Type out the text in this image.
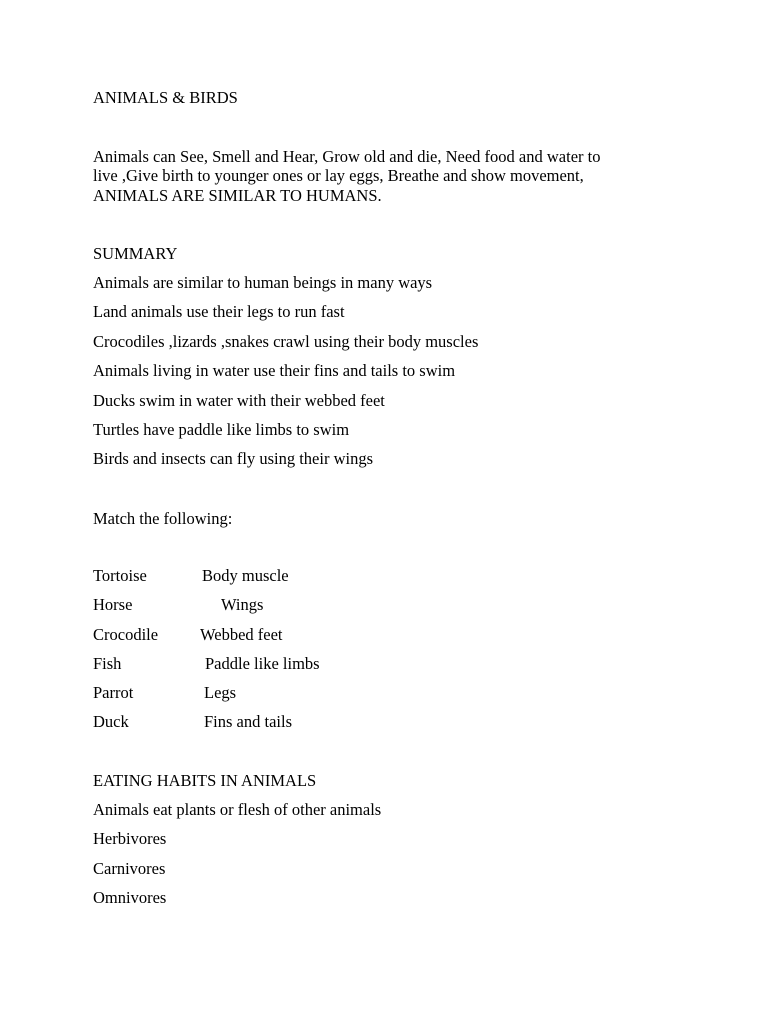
ANIMALS & BIRDS
Animals can See, Smell and Hear, Grow old and die, Need food and water to
live ,Give birth to younger ones or lay eggs, Breathe and show movement,
ANIMALS ARE SIMILAR TO HUMANS.
SUMMARY
Animals are similar to human beings in many ways
Land animals use their legs to run fast
Crocodiles ,lizards ,snakes crawl using their body muscles
Animals living in water use their fins and tails to swim
Ducks swim in water with their webbed feet
Turtles have paddle like limbs to swim
Birds and insects can fly using their wings
Match the following:
Tortoise	Body muscle
Horse	Wings
Crocodile	Webbed feet
Fish	Paddle like limbs
Parrot	Legs
Duck	Fins and tails
EATING HABITS IN ANIMALS
Animals eat plants or flesh of other animals
Herbivores
Carnivores
Omnivores
